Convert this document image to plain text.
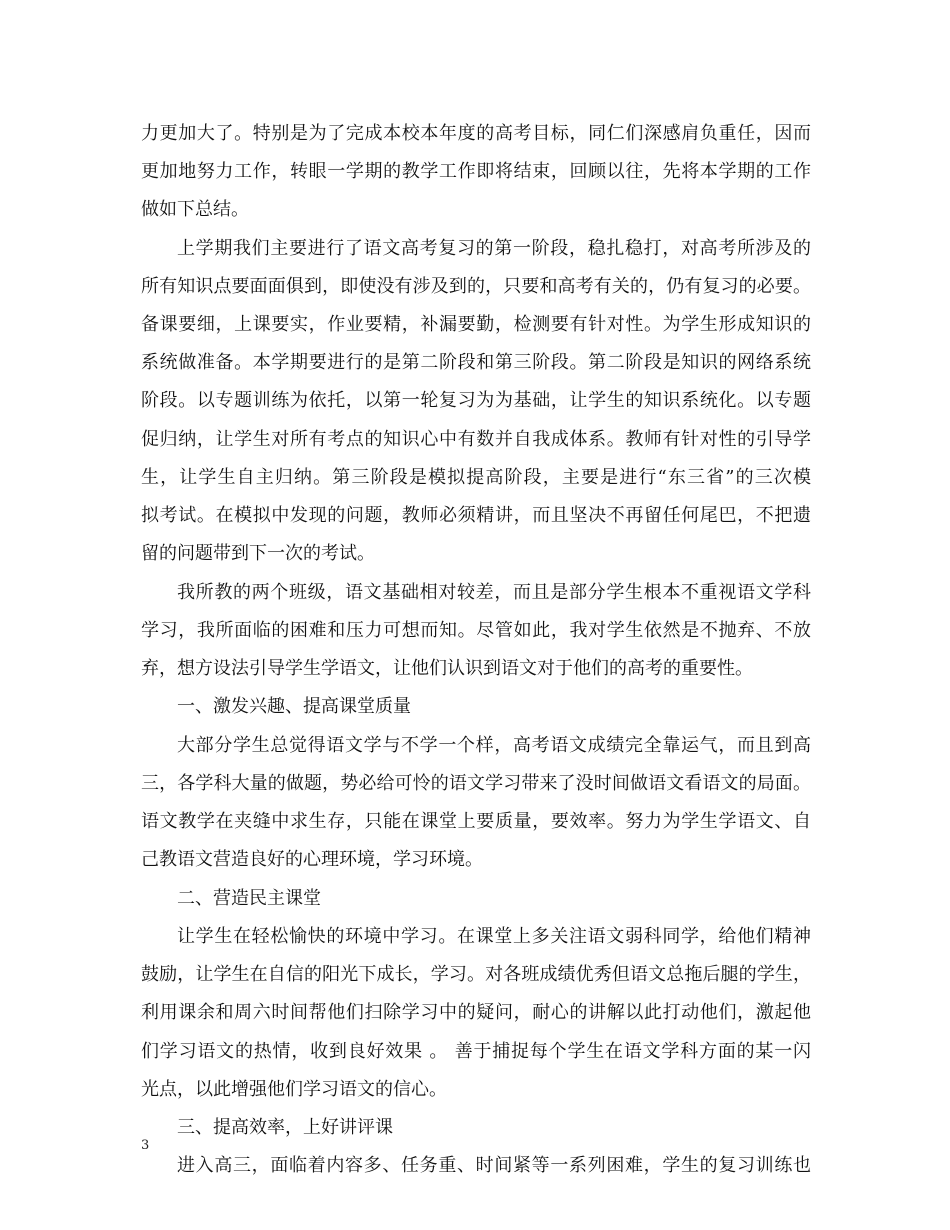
力更加大了。特别是为了完成本校本年度的高考目标，同仁们深感肩负重任，因而
更加地努力工作，转眼一学期的教学工作即将结束，回顾以往，先将本学期的工作
做如下总结。
上学期我们主要进行了语文高考复习的第一阶段，稳扎稳打，对高考所涉及的
所有知识点要面面俱到，即使没有涉及到的，只要和高考有关的，仍有复习的必要。
备课要细，上课要实，作业要精，补漏要勤，检测要有针对性。为学生形成知识的
系统做准备。本学期要进行的是第二阶段和第三阶段。第二阶段是知识的网络系统
阶段。以专题训练为依托，以第一轮复习为为基础，让学生的知识系统化。以专题
促归纳，让学生对所有考点的知识心中有数并自我成体系。教师有针对性的引导学
生，让学生自主归纳。第三阶段是模拟提高阶段，主要是进行“东三省”的三次模
拟考试。在模拟中发现的问题，教师必须精讲，而且坚决不再留任何尾巴，不把遗
留的问题带到下一次的考试。
我所教的两个班级，语文基础相对较差，而且是部分学生根本不重视语文学科
学习，我所面临的困难和压力可想而知。尽管如此，我对学生依然是不抛弃、不放
弃，想方设法引导学生学语文，让他们认识到语文对于他们的高考的重要性。
一、激发兴趣、提高课堂质量
大部分学生总觉得语文学与不学一个样，高考语文成绩完全靠运气，而且到高
三，各学科大量的做题，势必给可怜的语文学习带来了没时间做语文看语文的局面。
语文教学在夹缝中求生存，只能在课堂上要质量，要效率。努力为学生学语文、自
己教语文营造良好的心理环境，学习环境。
二、营造民主课堂
让学生在轻松愉快的环境中学习。在课堂上多关注语文弱科同学，给他们精神
鼓励，让学生在自信的阳光下成长，学习。对各班成绩优秀但语文总拖后腿的学生，
利用课余和周六时间帮他们扫除学习中的疑问，耐心的讲解以此打动他们，激起他
们学习语文的热情，收到良好效果 。 善于捕捉每个学生在语文学科方面的某一闪
光点，以此增强他们学习语文的信心。
三、提高效率，上好讲评课
进入高三，面临着内容多、任务重、时间紧等一系列困难，学生的复习训练也
3
